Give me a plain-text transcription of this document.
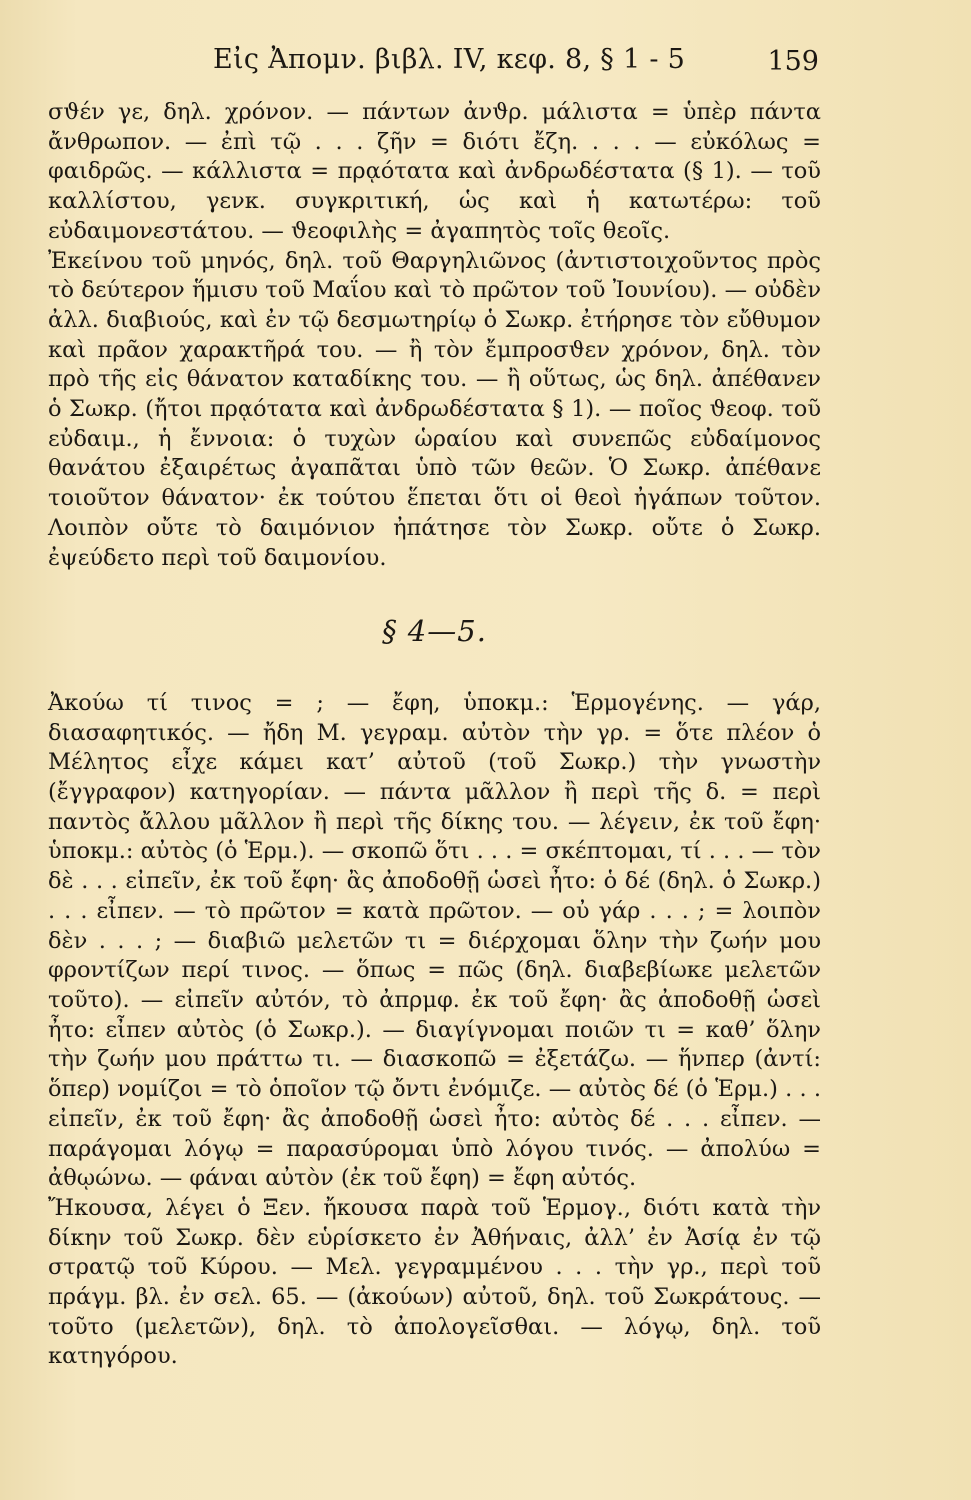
Εἰς Ἀπομν. βιβλ. IV, κεφ. 8, § 1 - 5	159

σϑέν γε, δηλ. χρόνον. — πάντων ἀνϑρ. μάλιστα = ὑπὲρ πάντα ἄνθρωπον. — ἐπὶ τῷ . . . ζῆν = διότι ἔζη. . . . — εὐκόλως = φαιδρῶς. — κάλλιστα = πρᾳότατα καὶ ἀνδρωδέστατα (§ 1). — τοῦ καλλίστου, γενκ. συγκριτική, ὡς καὶ ἡ κατωτέρω: τοῦ εὐδαιμονεστάτου. — ϑεοφιλὴς = ἀγαπητὸς τοῖς θεοῖς.

Ἐκείνου τοῦ μηνός, δηλ. τοῦ Θαργηλιῶνος (ἀντιστοιχοῦντος πρὸς τὸ δεύτερον ἥμισυ τοῦ Μαΐου καὶ τὸ πρῶτον τοῦ Ἰουνίου). — οὐδὲν ἀλλ. διαβιούς, καὶ ἐν τῷ δεσμωτηρίῳ ὁ Σωκρ. ἐτήρησε τὸν εὔθυμον καὶ πρᾶον χαρακτῆρά του. — ἢ τὸν ἔμπροσϑεν χρόνον, δηλ. τὸν πρὸ τῆς εἰς θάνατον καταδίκης του. — ἢ οὕτως, ὡς δηλ. ἀπέθανεν ὁ Σωκρ. (ἤτοι πρᾳότατα καὶ ἀνδρωδέστατα § 1). — ποῖος ϑεοφ. τοῦ εὐδαιμ., ἡ ἔννοια: ὁ τυχὼν ὡραίου καὶ συνεπῶς εὐδαίμονος θανάτου ἐξαιρέτως ἀγαπᾶται ὑπὸ τῶν θεῶν. Ὁ Σωκρ. ἀπέθανε τοιοῦτον θάνατον· ἐκ τούτου ἕπεται ὅτι οἱ θεοὶ ἠγάπων τοῦτον. Λοιπὸν οὔτε τὸ δαιμόνιον ἠπάτησε τὸν Σωκρ. οὔτε ὁ Σωκρ. ἐψεύδετο περὶ τοῦ δαιμονίου.

§ 4—5.

Ἀκούω τί τινος = ; — ἔφη, ὑποκμ.: Ἑρμογένης. — γάρ, διασαφητικός. — ἤδη Μ. γεγραμ. αὐτὸν τὴν γρ. = ὅτε πλέον ὁ Μέλητος εἶχε κάμει κατ’ αὐτοῦ (τοῦ Σωκρ.) τὴν γνωστὴν (ἔγγραφον) κατηγορίαν. — πάντα μᾶλλον ἢ περὶ τῆς δ. = περὶ παντὸς ἄλλου μᾶλλον ἢ περὶ τῆς δίκης του. — λέγειν, ἐκ τοῦ ἔφη· ὑποκμ.: αὐτὸς (ὁ Ἑρμ.). — σκοπῶ ὅτι . . . = σκέπτομαι, τί . . . — τὸν δὲ . . . εἰπεῖν, ἐκ τοῦ ἔφη· ἂς ἀποδοθῇ ὡσεὶ ἦτο: ὁ δέ (δηλ. ὁ Σωκρ.) . . . εἶπεν. — τὸ πρῶτον = κατὰ πρῶτον. — οὐ γάρ . . . ; = λοιπὸν δὲν . . . ; — διαβιῶ μελετῶν τι = διέρχομαι ὅλην τὴν ζωήν μου φροντίζων περί τινος. — ὅπως = πῶς (δηλ. διαβεβίωκε μελετῶν τοῦτο). — εἰπεῖν αὐτόν, τὸ ἀπρμφ. ἐκ τοῦ ἔφη· ἂς ἀποδοθῇ ὡσεὶ ἦτο: εἶπεν αὐτὸς (ὁ Σωκρ.). — διαγίγνομαι ποιῶν τι = καθ’ ὅλην τὴν ζωήν μου πράττω τι. — διασκοπῶ = ἐξετάζω. — ἥνπερ (ἀντί: ὅπερ) νομίζοι = τὸ ὁποῖον τῷ ὄντι ἐνόμιζε. — αὐτὸς δέ (ὁ Ἑρμ.) . . . εἰπεῖν, ἐκ τοῦ ἔφη· ἂς ἀποδοθῇ ὡσεὶ ἦτο: αὐτὸς δέ . . . εἶπεν. — παράγομαι λόγῳ = παρασύρομαι ὑπὸ λόγου τινός. — ἀπολύω = ἀθῳώνω. — φάναι αὐτὸν (ἐκ τοῦ ἔφη) = ἔφη αὐτός.

Ἤκουσα, λέγει ὁ Ξεν. ἤκουσα παρὰ τοῦ Ἑρμογ., διότι κατὰ τὴν δίκην τοῦ Σωκρ. δὲν εὑρίσκετο ἐν Ἀθήναις, ἀλλ’ ἐν Ἀσίᾳ ἐν τῷ στρατῷ τοῦ Κύρου. — Μελ. γεγραμμένου . . . τὴν γρ., περὶ τοῦ πράγμ. βλ. ἐν σελ. 65. — (ἀκούων) αὐτοῦ, δηλ. τοῦ Σωκράτους. — τοῦτο (μελετῶν), δηλ. τὸ ἀπολογεῖσθαι. — λόγῳ, δηλ. τοῦ κατηγόρου.
